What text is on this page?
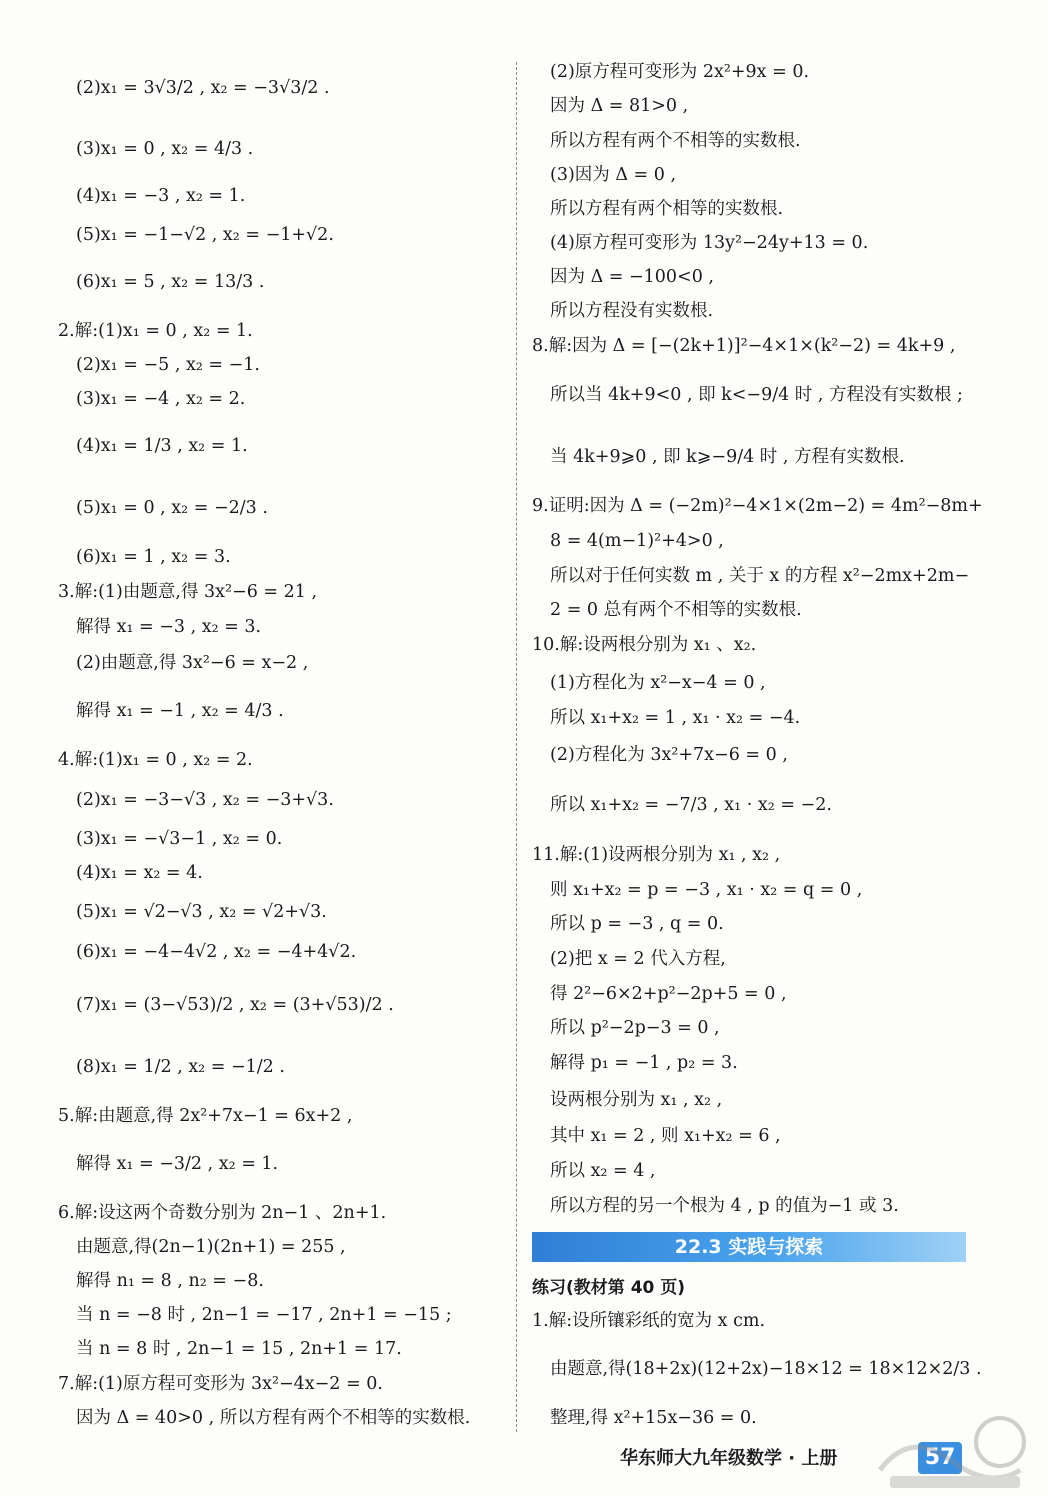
(2)x₁ = 3√3/2 , x₂ = −3√3/2 .
(3)x₁ = 0 , x₂ = 4/3 .
(4)x₁ = −3 , x₂ = 1.
(5)x₁ = −1−√2 , x₂ = −1+√2.
(6)x₁ = 5 , x₂ = 13/3 .
2.解:(1)x₁ = 0 , x₂ = 1.
(2)x₁ = −5 , x₂ = −1.
(3)x₁ = −4 , x₂ = 2.
(4)x₁ = 1/3 , x₂ = 1.
(5)x₁ = 0 , x₂ = −2/3 .
(6)x₁ = 1 , x₂ = 3.
3.解:(1)由题意,得 3x²−6 = 21 ,
解得 x₁ = −3 , x₂ = 3.
(2)由题意,得 3x²−6 = x−2 ,
解得 x₁ = −1 , x₂ = 4/3 .
4.解:(1)x₁ = 0 , x₂ = 2.
(2)x₁ = −3−√3 , x₂ = −3+√3.
(3)x₁ = −√3−1 , x₂ = 0.
(4)x₁ = x₂ = 4.
(5)x₁ = √2−√3 , x₂ = √2+√3.
(6)x₁ = −4−4√2 , x₂ = −4+4√2.
(7)x₁ = (3−√53)/2 , x₂ = (3+√53)/2 .
(8)x₁ = 1/2 , x₂ = −1/2 .
5.解:由题意,得 2x²+7x−1 = 6x+2 ,
解得 x₁ = −3/2 , x₂ = 1.
6.解:设这两个奇数分别为 2n−1 、2n+1.
由题意,得(2n−1)(2n+1) = 255 ,
解得 n₁ = 8 , n₂ = −8.
当 n = −8 时 , 2n−1 = −17 , 2n+1 = −15 ;
当 n = 8 时 , 2n−1 = 15 , 2n+1 = 17.
7.解:(1)原方程可变形为 3x²−4x−2 = 0.
因为 Δ = 40>0 , 所以方程有两个不相等的实数根.
(2)原方程可变形为 2x²+9x = 0.
因为 Δ = 81>0 ,
所以方程有两个不相等的实数根.
(3)因为 Δ = 0 ,
所以方程有两个相等的实数根.
(4)原方程可变形为 13y²−24y+13 = 0.
因为 Δ = −100<0 ,
所以方程没有实数根.
8.解:因为 Δ = [−(2k+1)]²−4×1×(k²−2) = 4k+9 ,
所以当 4k+9<0 , 即 k<−9/4 时 , 方程没有实数根 ;
当 4k+9⩾0 , 即 k⩾−9/4 时 , 方程有实数根.
9.证明:因为 Δ = (−2m)²−4×1×(2m−2) = 4m²−8m+
8 = 4(m−1)²+4>0 ,
所以对于任何实数 m , 关于 x 的方程 x²−2mx+2m−
2 = 0 总有两个不相等的实数根.
10.解:设两根分别为 x₁ 、x₂.
(1)方程化为 x²−x−4 = 0 ,
所以 x₁+x₂ = 1 , x₁ · x₂ = −4.
(2)方程化为 3x²+7x−6 = 0 ,
所以 x₁+x₂ = −7/3 , x₁ · x₂ = −2.
11.解:(1)设两根分别为 x₁ , x₂ ,
则 x₁+x₂ = p = −3 , x₁ · x₂ = q = 0 ,
所以 p = −3 , q = 0.
(2)把 x = 2 代入方程,
得 2²−6×2+p²−2p+5 = 0 ,
所以 p²−2p−3 = 0 ,
解得 p₁ = −1 , p₂ = 3.
设两根分别为 x₁ , x₂ ,
其中 x₁ = 2 , 则 x₁+x₂ = 6 ,
所以 x₂ = 4 ,
所以方程的另一个根为 4 , p 的值为−1 或 3.
1.解:设所镶彩纸的宽为 x cm.
由题意,得(18+2x)(12+2x)−18×12 = 18×12×2/3 .
整理,得 x²+15x−36 = 0.
22.3 实践与探索
练习(教材第 40 页)
华东师大九年级数学 · 上册	57
